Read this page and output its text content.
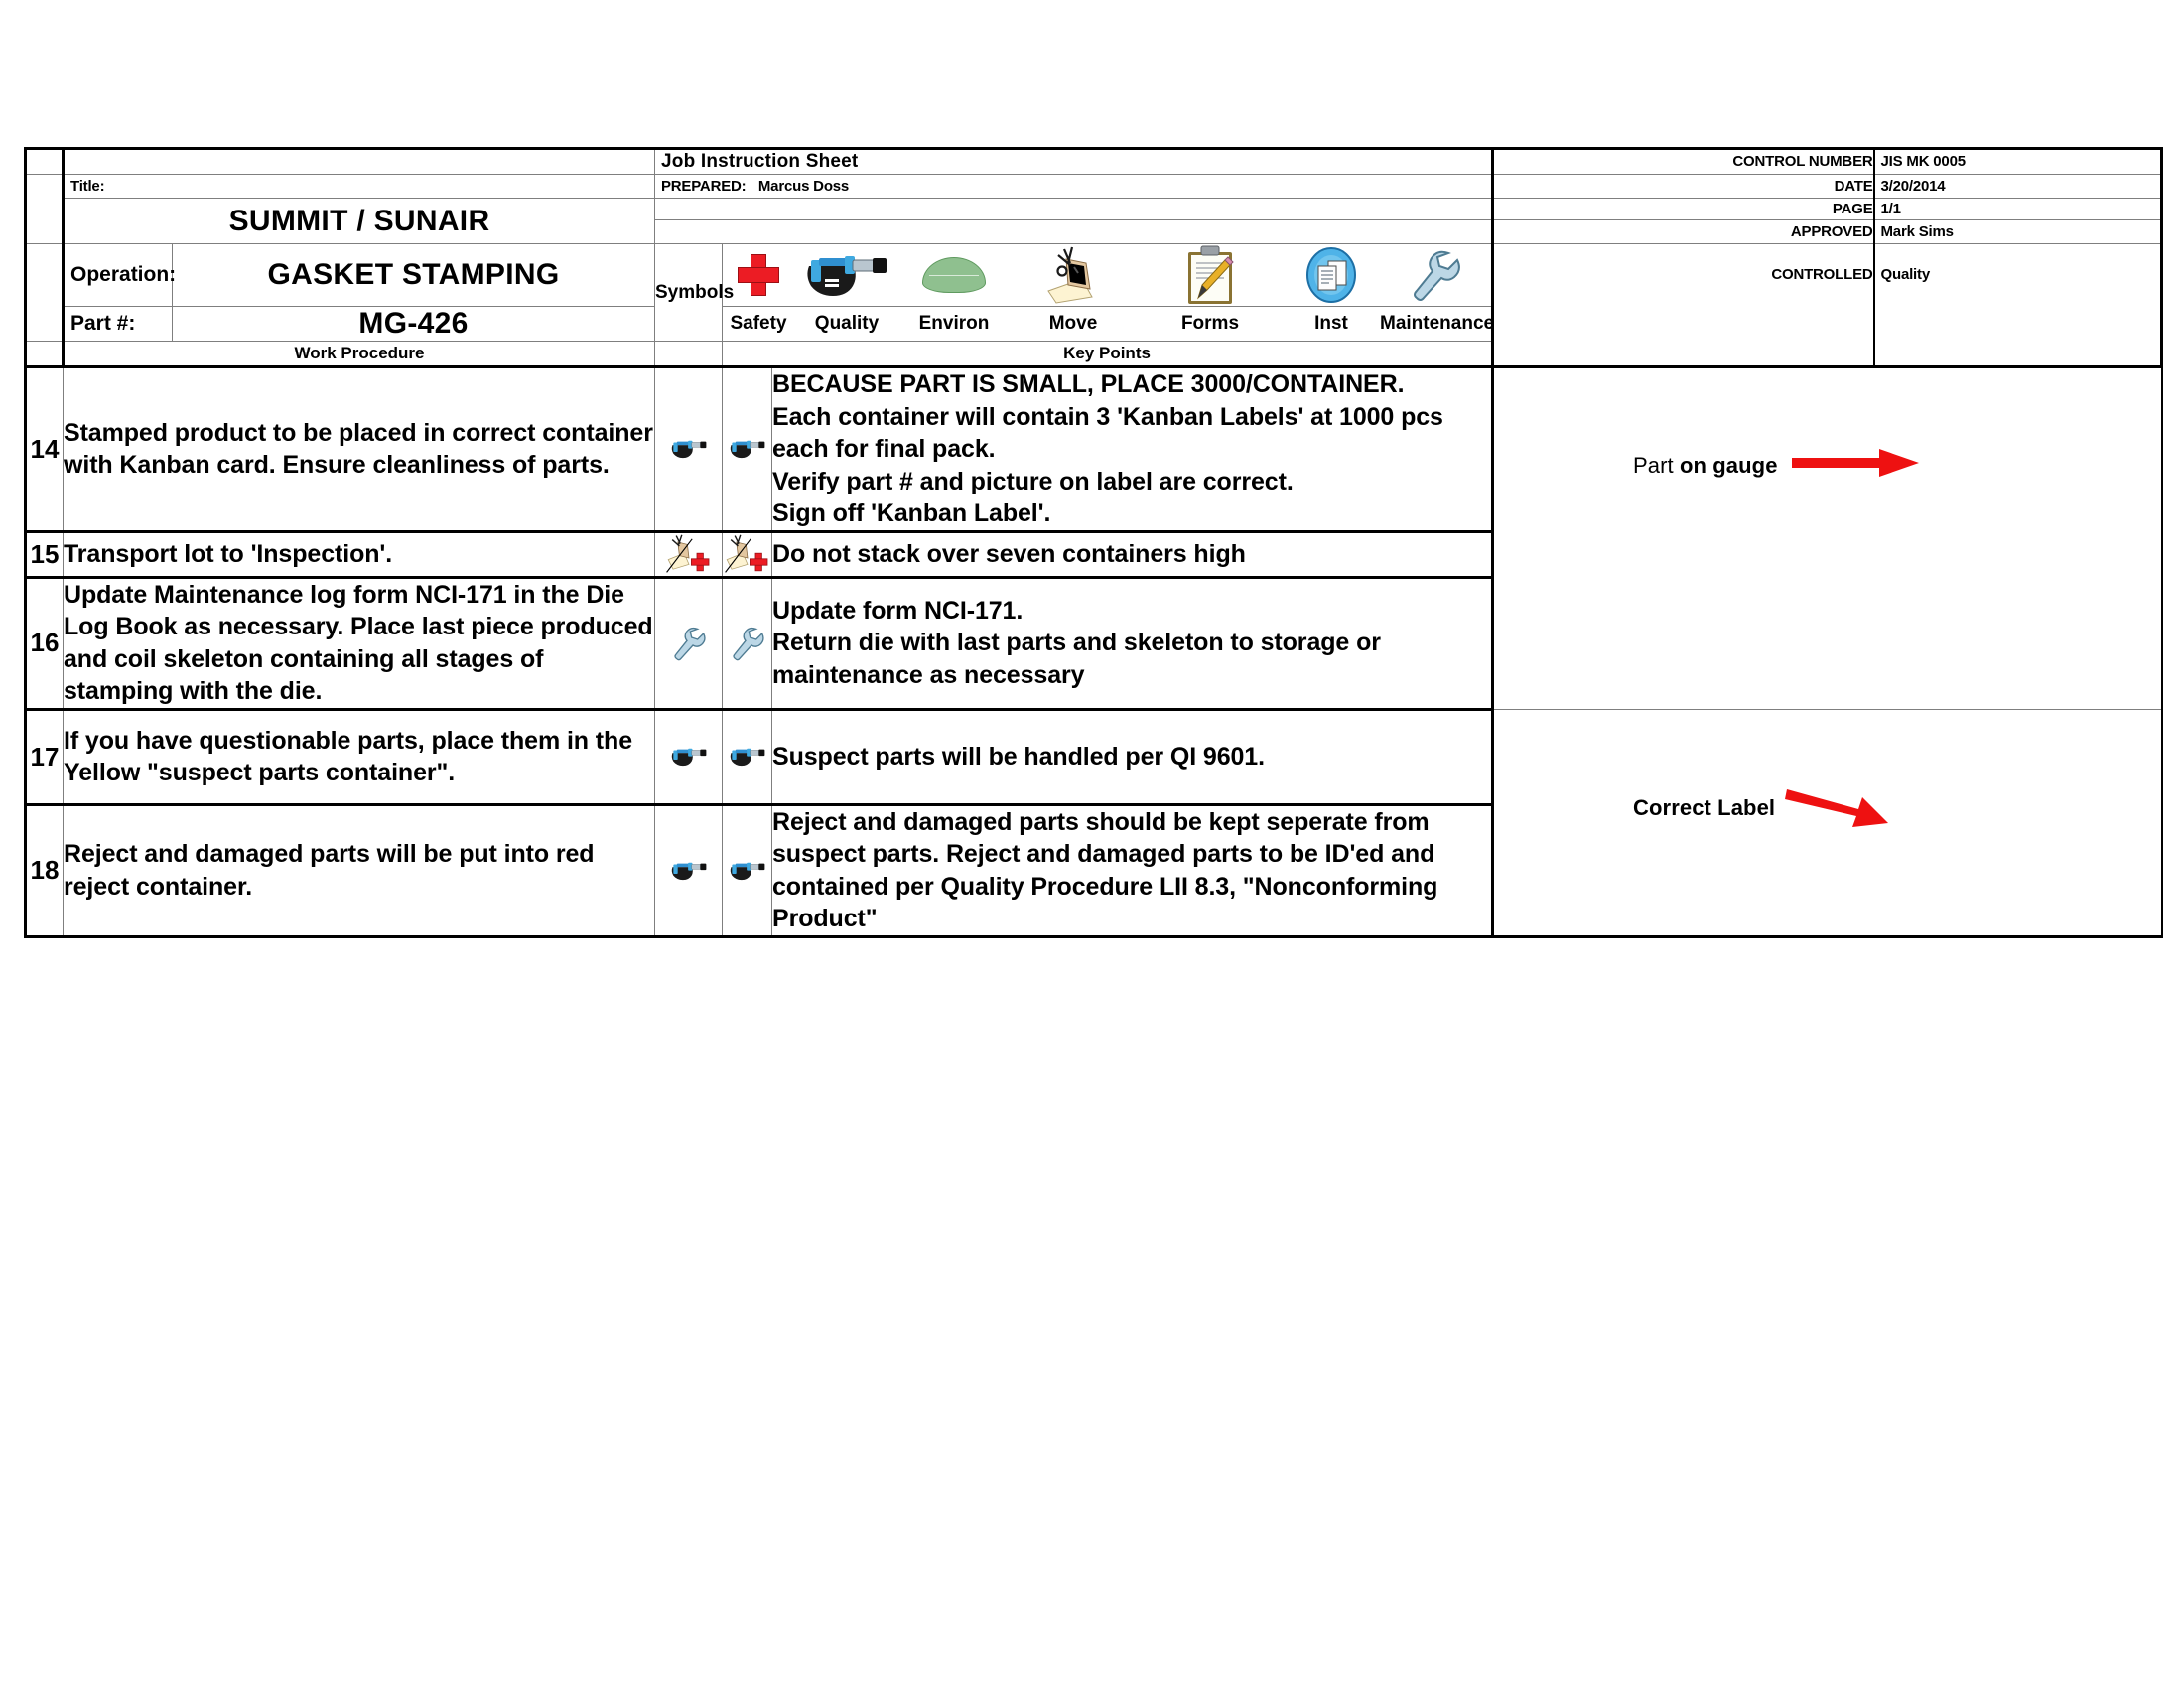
			Job Instruction Sheet			CONTROL NUMBER	JIS MK 0005
	Title:		PREPARED: Marcus Doss			DATE	3/20/2014

	SUMMIT / SUNAIR					PAGE	1/1
						APPROVED	Mark Sims
	Operation:	GASKET STAMPING	Symbols			CONTROLLED	Quality
Part #:	MG-426	Safety	Quality	Environ	Move	Forms	Inst	Maintenance

	Work Procedure			Key Points			
14	Stamped product to be placed in correct container with Kanban card. Ensure cleanliness of parts.				BECAUSE PART IS SMALL, PLACE 3000/CONTAINER.
Each container will contain 3 'Kanban Labels' at 1000 pcs each for final pack.
Verify part # and picture on label are correct.
Sign off 'Kanban Label'.	Part on gauge	

15	Transport lot to 'Inspection'.				Do not stack over seven containers high		

16	Update Maintenance log form NCI-171 in the Die Log Book as necessary. Place last piece produced and coil skeleton containing all stages of stamping with the die.				Update form NCI-171.
Return die with last parts and skeleton to storage or maintenance as necessary		

17	If you have questionable parts, place them in the Yellow "suspect parts container".				Suspect parts will be handled per QI 9601.	Correct Label	

18	Reject and damaged parts will be put into red reject container.				Reject and damaged parts should be kept seperate from suspect parts. Reject and damaged parts to be ID'ed and contained per Quality Procedure LII 8.3, "Nonconforming Product"		
